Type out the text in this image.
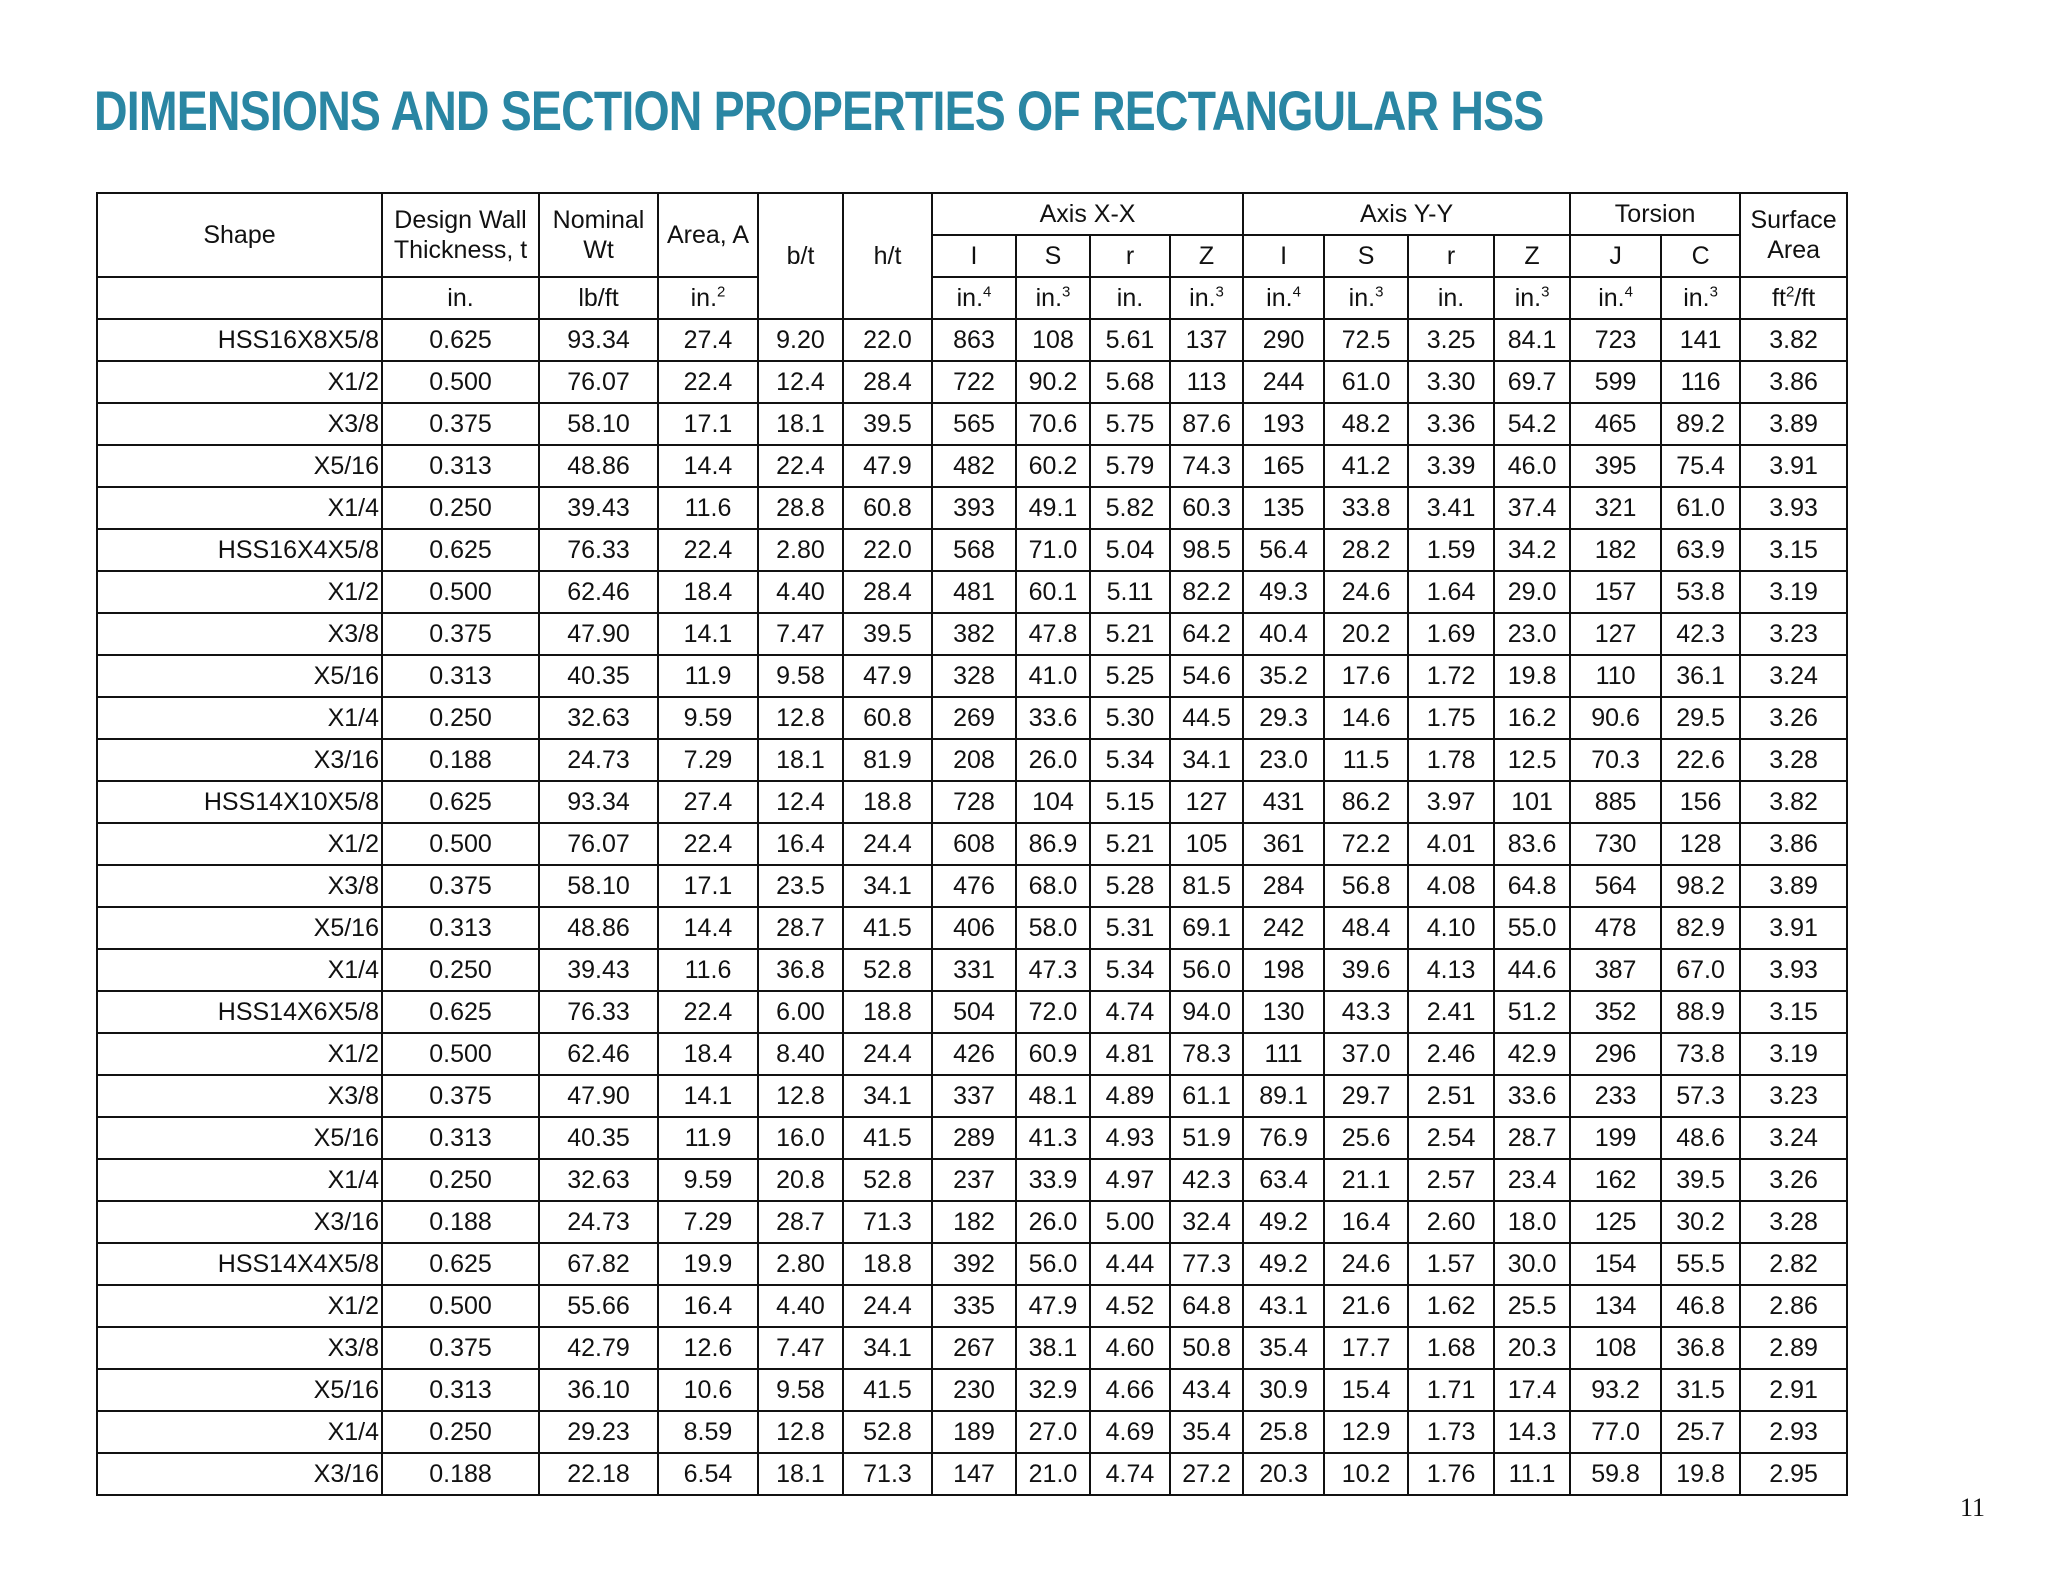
DIMENSIONS AND SECTION PROPERTIES OF RECTANGULAR HSS
Shape	Design Wall Thickness, t	Nominal Wt	Area, A	b/t	h/t	Axis X-X				Axis Y-Y				Torsion		Surface Area
						I	S	r	Z	I	S	r	Z	J	C	
	in.	lb/ft	in.$^2$			in.$^4$	in.$^3$	in.	in.$^3$	in.$^4$	in.$^3$	in.	in.$^3$	in.$^4$	in.$^3$	$ft^2/ft$
HSS16X8X5/8	0.625	93.34	27.4	9.20	22.0	863	108	5.61	137	290	72.5	3.25	84.1	723	141	3.82
X1/2	0.500	76.07	22.4	12.4	28.4	722	90.2	5.68	113	244	61.0	3.30	69.7	599	116	3.86
X3/8	0.375	58.10	17.1	18.1	39.5	565	70.6	5.75	87.6	193	48.2	3.36	54.2	465	89.2	3.89
X5/16	0.313	48.86	14.4	22.4	47.9	482	60.2	5.79	74.3	165	41.2	3.39	46.0	395	75.4	3.91
X1/4	0.250	39.43	11.6	28.8	60.8	393	49.1	5.82	60.3	135	33.8	3.41	37.4	321	61.0	3.93
HSS16X4X5/8	0.625	76.33	22.4	2.80	22.0	568	71.0	5.04	98.5	56.4	28.2	1.59	34.2	182	63.9	3.15
X1/2	0.500	62.46	18.4	4.40	28.4	481	60.1	5.11	82.2	49.3	24.6	1.64	29.0	157	53.8	3.19
X3/8	0.375	47.90	14.1	7.47	39.5	382	47.8	5.21	64.2	40.4	20.2	1.69	23.0	127	42.3	3.23
X5/16	0.313	40.35	11.9	9.58	47.9	328	41.0	5.25	54.6	35.2	17.6	1.72	19.8	110	36.1	3.24
X1/4	0.250	32.63	9.59	12.8	60.8	269	33.6	5.30	44.5	29.3	14.6	1.75	16.2	90.6	29.5	3.26
X3/16	0.188	24.73	7.29	18.1	81.9	208	26.0	5.34	34.1	23.0	11.5	1.78	12.5	70.3	22.6	3.28
HSS14X10X5/8	0.625	93.34	27.4	12.4	18.8	728	104	5.15	127	431	86.2	3.97	101	885	156	3.82
X1/2	0.500	76.07	22.4	16.4	24.4	608	86.9	5.21	105	361	72.2	4.01	83.6	730	128	3.86
X3/8	0.375	58.10	17.1	23.5	34.1	476	68.0	5.28	81.5	284	56.8	4.08	64.8	564	98.2	3.89
X5/16	0.313	48.86	14.4	28.7	41.5	406	58.0	5.31	69.1	242	48.4	4.10	55.0	478	82.9	3.91
X1/4	0.250	39.43	11.6	36.8	52.8	331	47.3	5.34	56.0	198	39.6	4.13	44.6	387	67.0	3.93
HSS14X6X5/8	0.625	76.33	22.4	6.00	18.8	504	72.0	4.74	94.0	130	43.3	2.41	51.2	352	88.9	3.15
X1/2	0.500	62.46	18.4	8.40	24.4	426	60.9	4.81	78.3	111	37.0	2.46	42.9	296	73.8	3.19
X3/8	0.375	47.90	14.1	12.8	34.1	337	48.1	4.89	61.1	89.1	29.7	2.51	33.6	233	57.3	3.23
X5/16	0.313	40.35	11.9	16.0	41.5	289	41.3	4.93	51.9	76.9	25.6	2.54	28.7	199	48.6	3.24
X1/4	0.250	32.63	9.59	20.8	52.8	237	33.9	4.97	42.3	63.4	21.1	2.57	23.4	162	39.5	3.26
X3/16	0.188	24.73	7.29	28.7	71.3	182	26.0	5.00	32.4	49.2	16.4	2.60	18.0	125	30.2	3.28
HSS14X4X5/8	0.625	67.82	19.9	2.80	18.8	392	56.0	4.44	77.3	49.2	24.6	1.57	30.0	154	55.5	2.82
X1/2	0.500	55.66	16.4	4.40	24.4	335	47.9	4.52	64.8	43.1	21.6	1.62	25.5	134	46.8	2.86
X3/8	0.375	42.79	12.6	7.47	34.1	267	38.1	4.60	50.8	35.4	17.7	1.68	20.3	108	36.8	2.89
X5/16	0.313	36.10	10.6	9.58	41.5	230	32.9	4.66	43.4	30.9	15.4	1.71	17.4	93.2	31.5	2.91
X1/4	0.250	29.23	8.59	12.8	52.8	189	27.0	4.69	35.4	25.8	12.9	1.73	14.3	77.0	25.7	2.93
X3/16	0.188	22.18	6.54	18.1	71.3	147	21.0	4.74	27.2	20.3	10.2	1.76	11.1	59.8	19.8	2.95
11
